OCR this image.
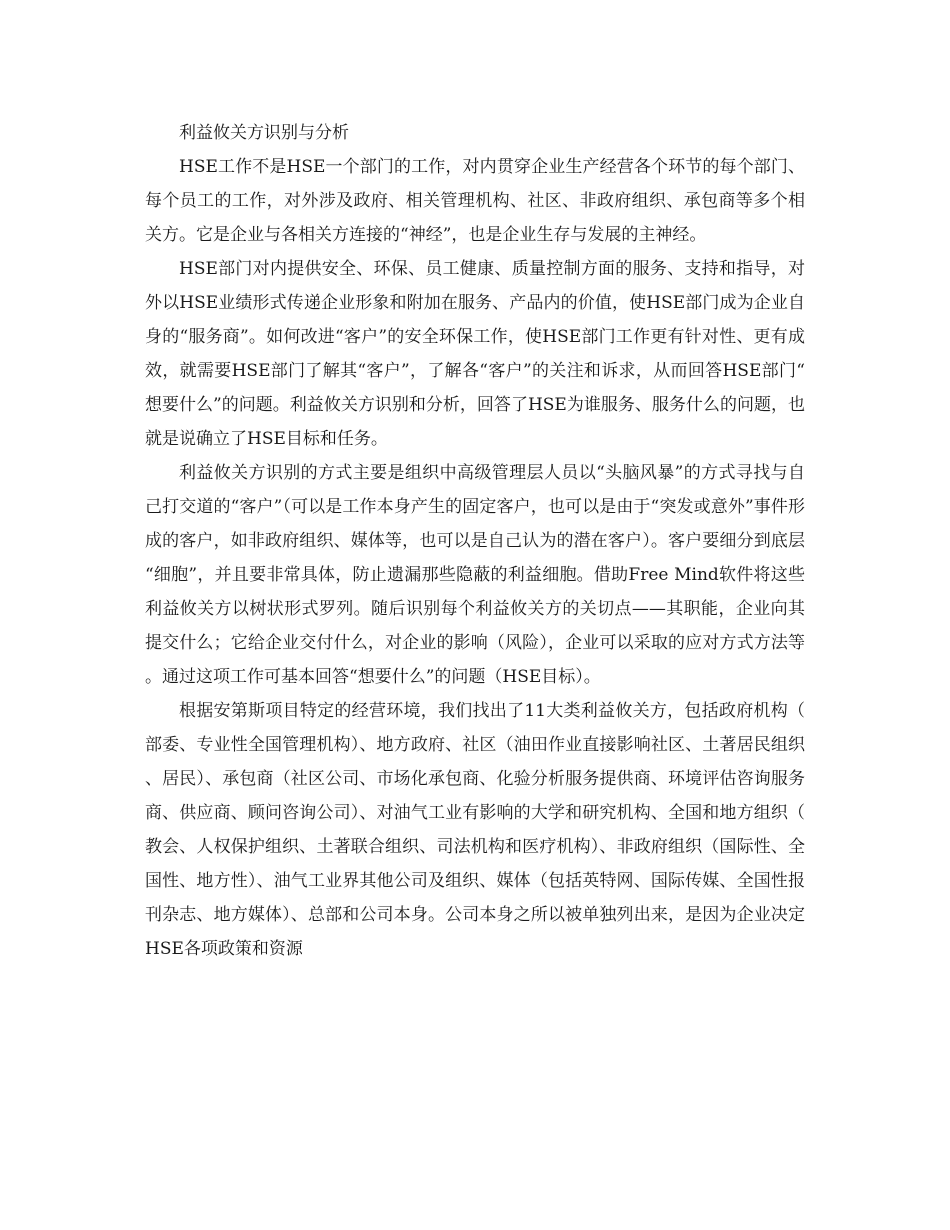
利益攸关方识别与分析

HSE工作不是HSE一个部门的工作，对内贯穿企业生产经营各个环节的每个部门、每个员工的工作，对外涉及政府、相关管理机构、社区、非政府组织、承包商等多个相关方。它是企业与各相关方连接的“神经”，也是企业生存与发展的主神经。

HSE部门对内提供安全、环保、员工健康、质量控制方面的服务、支持和指导，对外以HSE业绩形式传递企业形象和附加在服务、产品内的价值，使HSE部门成为企业自身的“服务商”。如何改进“客户”的安全环保工作，使HSE部门工作更有针对性、更有成效，就需要HSE部门了解其“客户”，了解各“客户”的关注和诉求，从而回答HSE部门“想要什么”的问题。利益攸关方识别和分析，回答了HSE为谁服务、服务什么的问题，也就是说确立了HSE目标和任务。

利益攸关方识别的方式主要是组织中高级管理层人员以“头脑风暴”的方式寻找与自己打交道的“客户”（可以是工作本身产生的固定客户，也可以是由于“突发或意外”事件形成的客户，如非政府组织、媒体等，也可以是自己认为的潜在客户）。客户要细分到底层“细胞”，并且要非常具体，防止遗漏那些隐蔽的利益细胞。借助Free Mind软件将这些利益攸关方以树状形式罗列。随后识别每个利益攸关方的关切点——其职能，企业向其提交什么；它给企业交付什么，对企业的影响（风险），企业可以采取的应对方式方法等。通过这项工作可基本回答“想要什么”的问题（HSE目标）。

根据安第斯项目特定的经营环境，我们找出了11大类利益攸关方，包括政府机构（部委、专业性全国管理机构）、地方政府、社区（油田作业直接影响社区、土著居民组织、居民）、承包商（社区公司、市场化承包商、化验分析服务提供商、环境评估咨询服务商、供应商、顾问咨询公司）、对油气工业有影响的大学和研究机构、全国和地方组织（教会、人权保护组织、土著联合组织、司法机构和医疗机构）、非政府组织（国际性、全国性、地方性）、油气工业界其他公司及组织、媒体（包括英特网、国际传媒、全国性报刊杂志、地方媒体）、总部和公司本身。公司本身之所以被单独列出来，是因为企业决定HSE各项政策和资源
